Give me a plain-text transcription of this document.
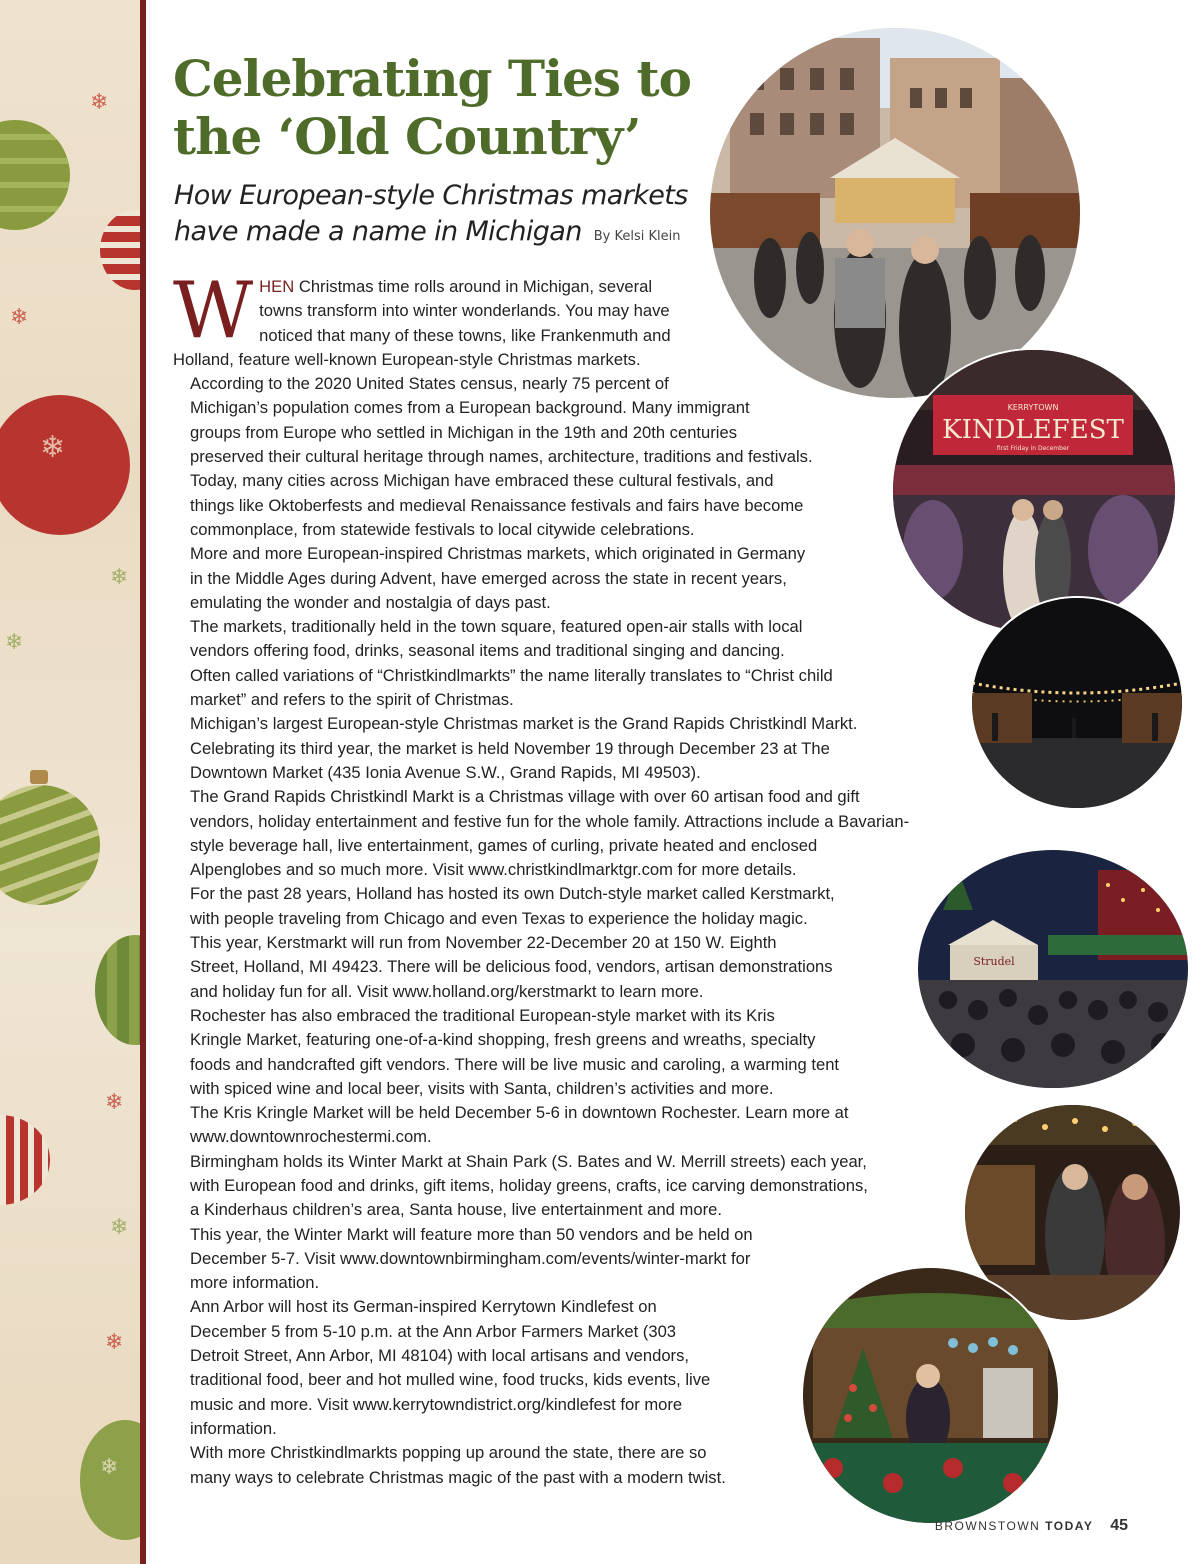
❄
❄
❄
❄
❄
❄
❄
❄
❄
Celebrating Ties to
the ‘Old Country’
How European-style Christmas markets
have made a name in Michigan By Kelsi Klein
KERRYTOWN
KINDLEFEST
first Friday in December
Strudel

W HEN Christmas time rolls around in Michigan, several
towns transform into winter wonderlands. You may have
noticed that many of these towns, like Frankenmuth and
Holland, feature well-known European-style Christmas markets.

According to the 2020 United States census, nearly 75 percent of
Michigan’s population comes from a European background. Many immigrant
groups from Europe who settled in Michigan in the 19th and 20th centuries
preserved their cultural heritage through names, architecture, traditions and festivals.

Today, many cities across Michigan have embraced these cultural festivals, and
things like Oktoberfests and medieval Renaissance festivals and fairs have become
commonplace, from statewide festivals to local citywide celebrations.

More and more European-inspired Christmas markets, which originated in Germany
in the Middle Ages during Advent, have emerged across the state in recent years,
emulating the wonder and nostalgia of days past.

The markets, traditionally held in the town square, featured open-air stalls with local
vendors offering food, drinks, seasonal items and traditional singing and dancing.

Often called variations of “Christkindlmarkts” the name literally translates to “Christ child
market” and refers to the spirit of Christmas.

Michigan’s largest European-style Christmas market is the Grand Rapids Christkindl Markt.
Celebrating its third year, the market is held November 19 through December 23 at The
Downtown Market (435 Ionia Avenue S.W., Grand Rapids, MI 49503).

The Grand Rapids Christkindl Markt is a Christmas village with over 60 artisan food and gift
vendors, holiday entertainment and festive fun for the whole family. Attractions include a Bavarian-
style beverage hall, live entertainment, games of curling, private heated and enclosed
Alpenglobes and so much more. Visit www.christkindlmarktgr.com for more details.

For the past 28 years, Holland has hosted its own Dutch-style market called Kerstmarkt,
with people traveling from Chicago and even Texas to experience the holiday magic.

This year, Kerstmarkt will run from November 22-December 20 at 150 W. Eighth
Street, Holland, MI 49423. There will be delicious food, vendors, artisan demonstrations
and holiday fun for all. Visit www.holland.org/kerstmarkt to learn more.

Rochester has also embraced the traditional European-style market with its Kris
Kringle Market, featuring one-of-a-kind shopping, fresh greens and wreaths, specialty
foods and handcrafted gift vendors. There will be live music and caroling, a warming tent
with spiced wine and local beer, visits with Santa, children’s activities and more.

The Kris Kringle Market will be held December 5-6 in downtown Rochester. Learn more at
www.downtownrochestermi.com.

Birmingham holds its Winter Markt at Shain Park (S. Bates and W. Merrill streets) each year,
with European food and drinks, gift items, holiday greens, crafts, ice carving demonstrations,
a Kinderhaus children’s area, Santa house, live entertainment and more.

This year, the Winter Markt will feature more than 50 vendors and be held on
December 5-7. Visit www.downtownbirmingham.com/events/winter-markt for
more information.

Ann Arbor will host its German-inspired Kerrytown Kindlefest on
December 5 from 5-10 p.m. at the Ann Arbor Farmers Market (303
Detroit Street, Ann Arbor, MI 48104) with local artisans and vendors,
traditional food, beer and hot mulled wine, food trucks, kids events, live
music and more. Visit www.kerrytowndistrict.org/kindlefest for more
information.

With more Christkindlmarkts popping up around the state, there are so
many ways to celebrate Christmas magic of the past with a modern twist.

BROWNSTOWN TODAY 45
